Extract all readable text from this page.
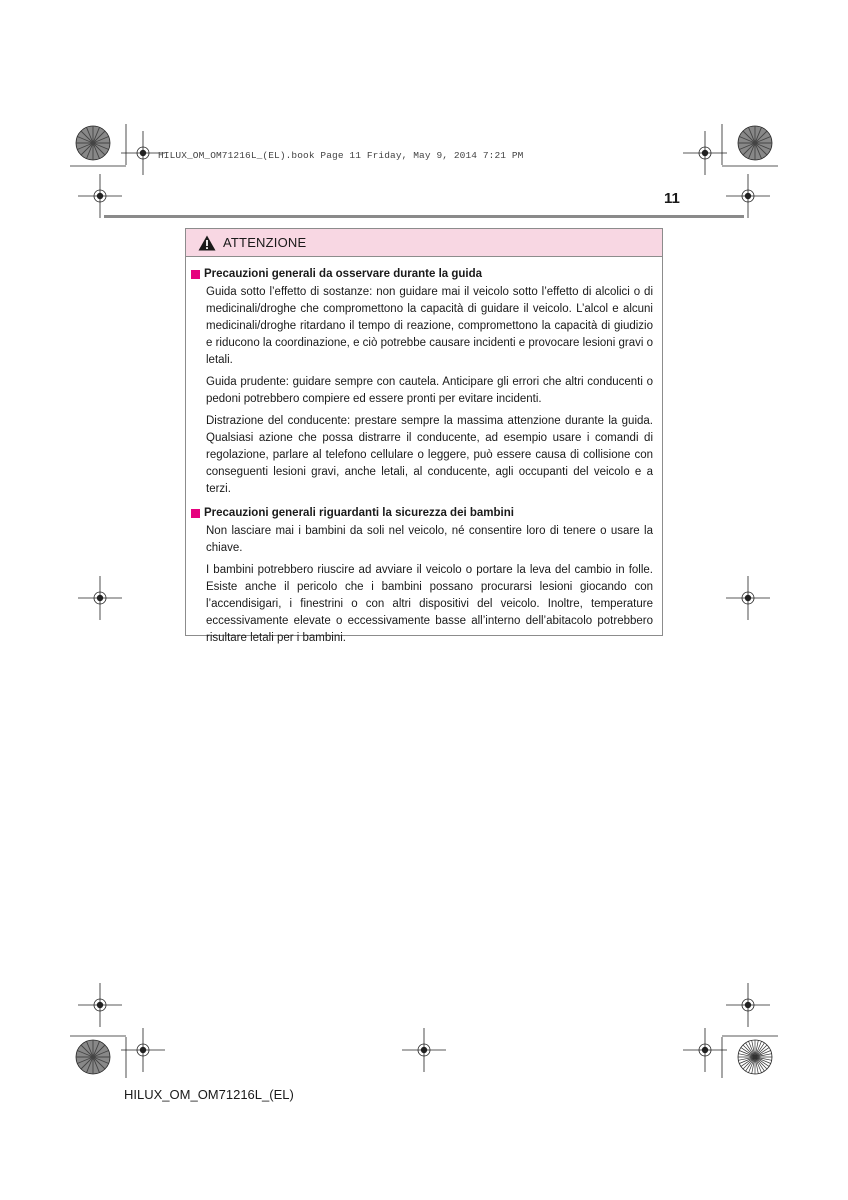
HILUX_OM_OM71216L_(EL).book Page 11 Friday, May 9, 2014 7:21 PM
11
ATTENZIONE
Precauzioni generali da osservare durante la guida

Guida sotto l’effetto di sostanze: non guidare mai il veicolo sotto l’effetto di alcolici o di medicinali/droghe che compromettono la capacità di guidare il veicolo. L’alcol e alcuni medicinali/droghe ritardano il tempo di reazione, compromettono la capacità di giudizio e riducono la coordinazione, e ciò potrebbe causare incidenti e provocare lesioni gravi o letali.

Guida prudente: guidare sempre con cautela. Anticipare gli errori che altri conducenti o pedoni potrebbero compiere ed essere pronti per evitare incidenti.

Distrazione del conducente: prestare sempre la massima attenzione durante la guida. Qualsiasi azione che possa distrarre il conducente, ad esempio usare i comandi di regolazione, parlare al telefono cellulare o leggere, può essere causa di collisione con conseguenti lesioni gravi, anche letali, al conducente, agli occupanti del veicolo e a terzi.

Precauzioni generali riguardanti la sicurezza dei bambini

Non lasciare mai i bambini da soli nel veicolo, né consentire loro di tenere o usare la chiave.

I bambini potrebbero riuscire ad avviare il veicolo o portare la leva del cambio in folle. Esiste anche il pericolo che i bambini possano procurarsi lesioni giocando con l’accendisigari, i finestrini o con altri dispositivi del veicolo. Inoltre, temperature eccessivamente elevate o eccessivamente basse all’interno dell’abitacolo potrebbero risultare letali per i bambini.

HILUX_OM_OM71216L_(EL)
